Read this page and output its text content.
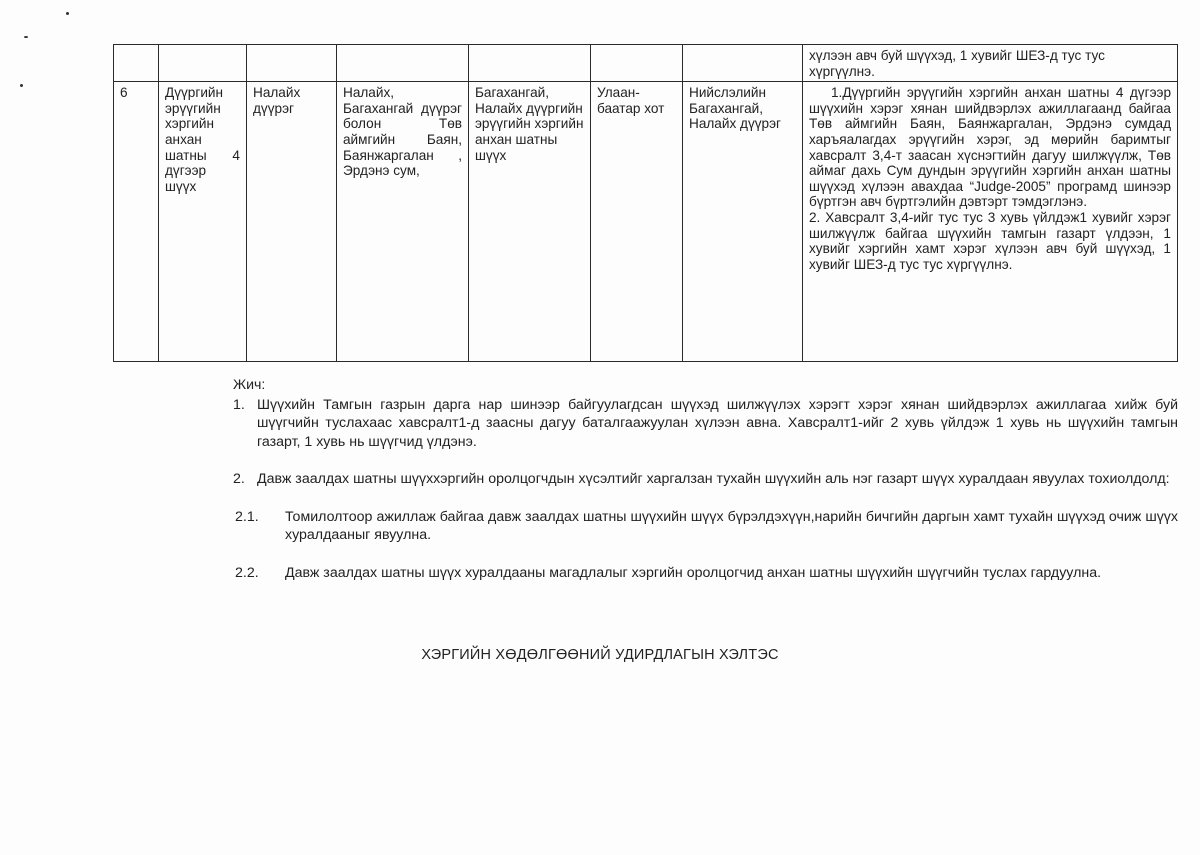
							хүлээн авч буй шүүхэд, 1 хувийг ШЕЗ-д тус тус
хүргүүлнэ.
6	Дүүргийн эрүүгийн хэргийн анхан шатны 4 дүгээр шүүх	Налайх дүүрэг	Налайх, Багахангай дүүрэг болон Төв аймгийн Баян, Баянжаргалан , Эрдэнэ сум,	Багахангай, Налайх дүүргийн эрүүгийн хэргийн анхан шатны шүүх	Улаан-баатар хот	Нийслэлийн Багахангай, Налайх дүүрэг	1.Дүүргийн эрүүгийн хэргийн анхан шатны 4 дүгээр шүүхийн хэрэг хянан шийдвэрлэх ажиллагаанд байгаа Төв аймгийн Баян, Баянжаргалан, Эрдэнэ сумдад харъяалагдах эрүүгийн хэрэг, эд мөрийн баримтыг хавсралт 3,4-т заасан хүснэгтийн дагуу шилжүүлж, Төв аймаг дахь Сум дундын эрүүгийн хэргийн анхан шатны шүүхэд хүлээн авахдаа “Judge-2005” програмд шинээр бүртгэн авч бүртгэлийн дэвтэрт тэмдэглэнэ.
2. Хавсралт 3,4-ийг тус тус 3 хувь үйлдэж1 хувийг хэрэг шилжүүлж байгаа шүүхийн тамгын газарт үлдээн, 1 хувийг хэргийн хамт хэрэг хүлээн авч буй шүүхэд, 1 хувийг ШЕЗ-д тус тус хүргүүлнэ.
Жич:
1. Шүүхийн Тамгын газрын дарга нар шинээр байгуулагдсан шүүхэд шилжүүлэх хэрэгт хэрэг хянан шийдвэрлэх ажиллагаа хийж буй шүүгчийн туслахаас хавсралт1-д заасны дагуу баталгаажуулан хүлээн авна. Хавсралт1-ийг 2 хувь үйлдэж 1 хувь нь шүүхийн тамгын газарт, 1 хувь нь шүүгчид үлдэнэ.
2. Давж заалдах шатны шүүххэргийн оролцогчдын хүсэлтийг харгалзан тухайн шүүхийн аль нэг газарт шүүх хуралдаан явуулах тохиолдолд:
2.1. Томилолтоор ажиллаж байгаа давж заалдах шатны шүүхийн шүүх бүрэлдэхүүн,нарийн бичгийн даргын хамт тухайн шүүхэд очиж шүүх хуралдааныг явуулна.
2.2. Давж заалдах шатны шүүх хуралдааны магадлалыг хэргийн оролцогчид анхан шатны шүүхийн шүүгчийн туслах гардуулна.
ХЭРГИЙН ХӨДӨЛГӨӨНИЙ УДИРДЛАГЫН ХЭЛТЭС
